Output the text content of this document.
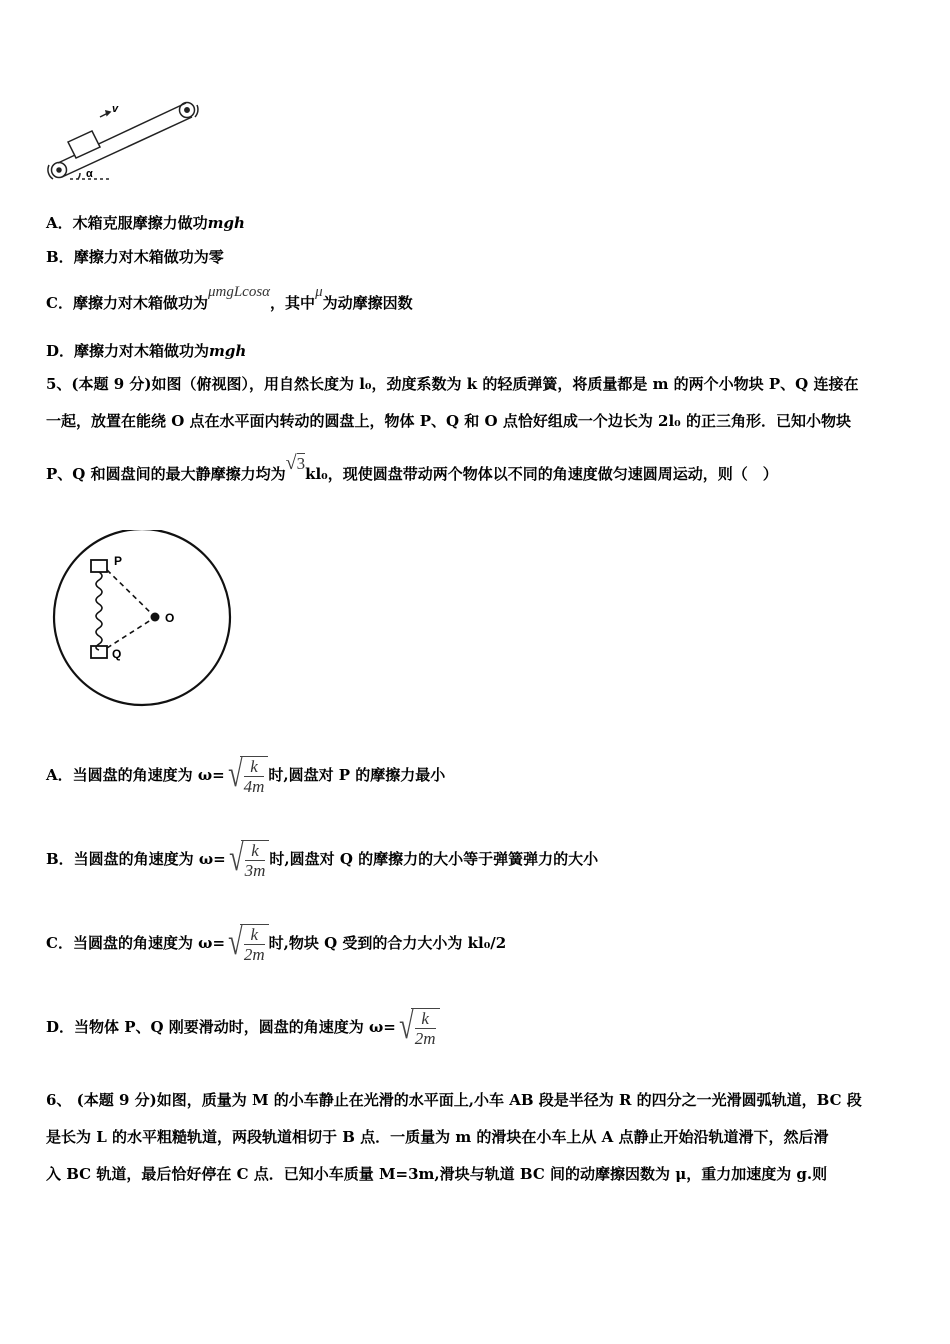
v
α
A．木箱克服摩擦力做功mgh
B．摩擦力对木箱做功为零
C．摩擦力对木箱做功为μmgLcosα，其中μ为动摩擦因数
D．摩擦力对木箱做功为mgh
5、(本题 9 分)如图（俯视图），用自然长度为 l₀，劲度系数为 k 的轻质弹簧，将质量都是 m 的两个小物块 P、Q 连接在
一起，放置在能绕 O 点在水平面内转动的圆盘上，物体 P、Q 和 O 点恰好组成一个边长为 2l₀ 的正三角形．已知小物块
P、Q 和圆盘间的最大静摩擦力均为√3kl₀，现使圆盘带动两个物体以不同的角速度做匀速圆周运动，则（　）
P
Q
O
A．当圆盘的角速度为 ω= √
$\frac{k}{4m}$ 时,圆盘对 P 的摩擦力最小
B．当圆盘的角速度为 ω= √
$\frac{k}{3m}$ 时,圆盘对 Q 的摩擦力的大小等于弹簧弹力的大小
C．当圆盘的角速度为 ω= √
$\frac{k}{2m}$ 时,物块 Q 受到的合力大小为 kl₀/2
D．当物体 P、Q 刚要滑动时，圆盘的角速度为 ω= √
$\frac{k}{2m}$
6、 (本题 9 分)如图，质量为 M 的小车静止在光滑的水平面上,小车 AB 段是半径为 R 的四分之一光滑圆弧轨道，BC 段
是长为 L 的水平粗糙轨道，两段轨道相切于 B 点．一质量为 m 的滑块在小车上从 A 点静止开始沿轨道滑下，然后滑
入 BC 轨道，最后恰好停在 C 点．已知小车质量 M=3m,滑块与轨道 BC 间的动摩擦因数为 μ，重力加速度为 g.则
